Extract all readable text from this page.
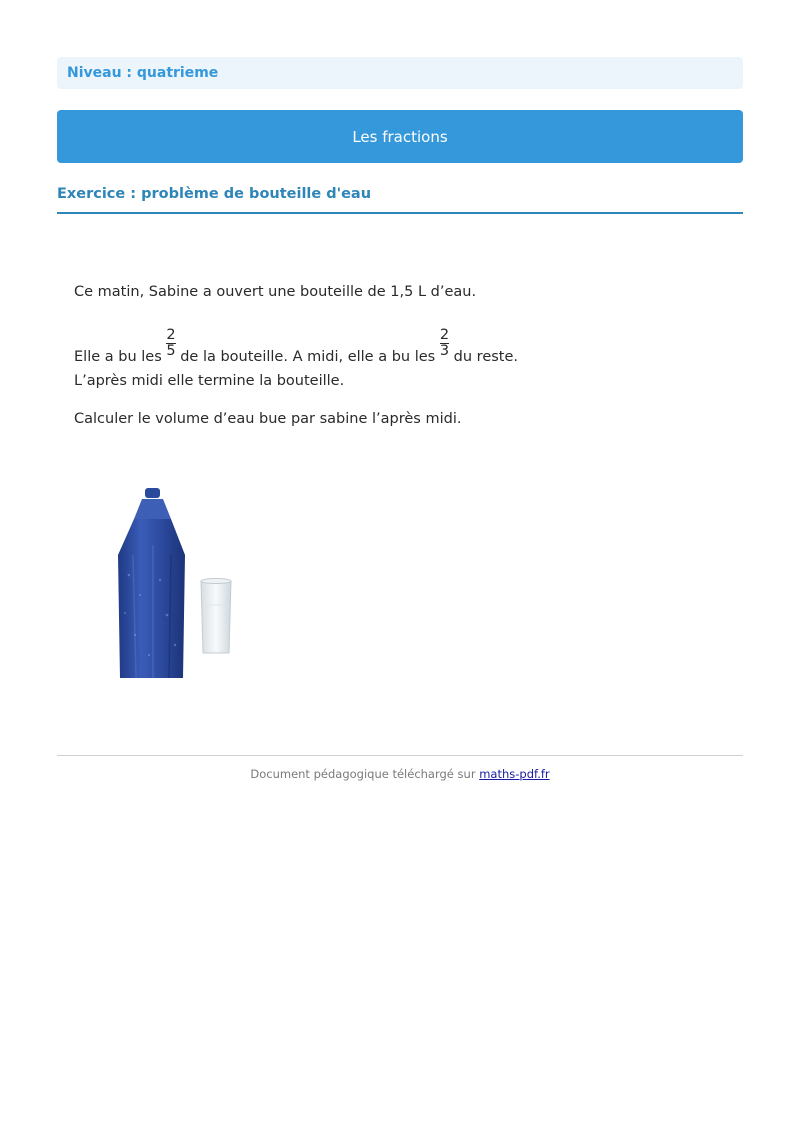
Niveau : quatrieme
Les fractions
Exercice : problème de bouteille d'eau
Ce matin, Sabine a ouvert une bouteille de 1,5 L d’eau.
Elle a bu les $\frac{2}{5}$ de la bouteille. A midi, elle a bu les $\frac{2}{3}$ du reste.
L’après midi elle termine la bouteille.
Calculer le volume d’eau bue par sabine l’après midi.
Document pédagogique téléchargé sur maths-pdf.fr
